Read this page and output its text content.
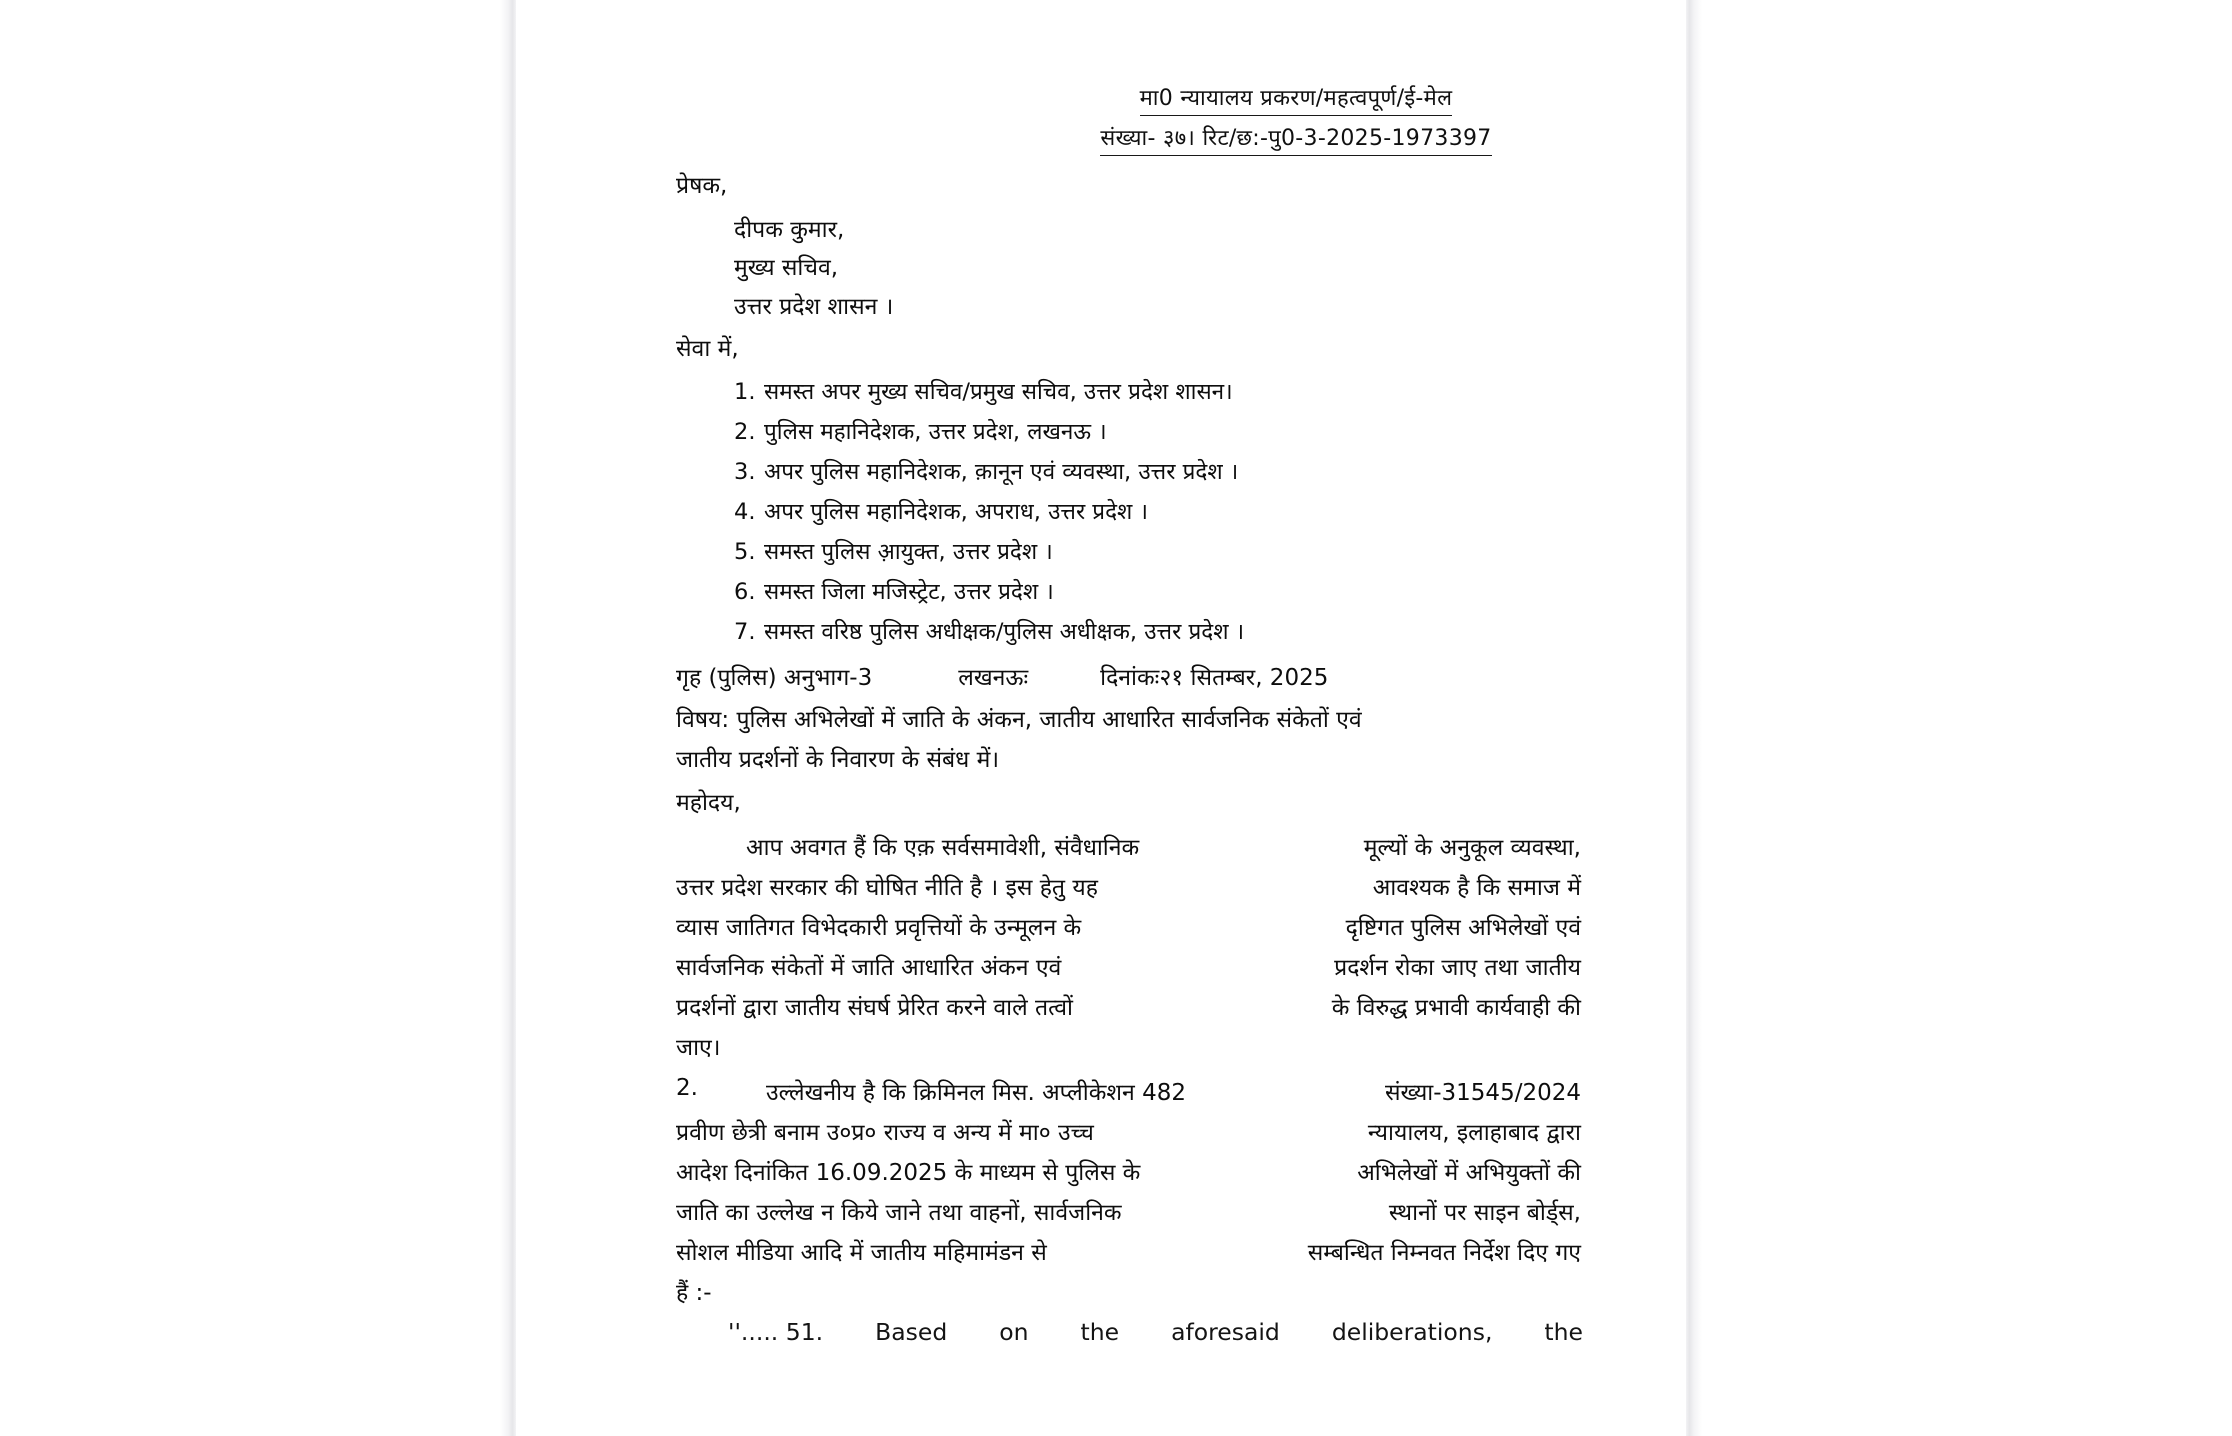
मा0 न्यायालय प्रकरण/महत्वपूर्ण/ई-मेल
संख्या- ३७। रिट/छ:-पु0-3-2025-1973397
प्रेषक,
दीपक कुमार,
मुख्य सचिव,
उत्तर प्रदेश शासन ।
सेवा में,
1. समस्त अपर मुख्य सचिव/प्रमुख सचिव, उत्तर प्रदेश शासन।
2. पुलिस महानिदेशक, उत्तर प्रदेश, लखनऊ ।
3. अपर पुलिस महानिदेशक, क़ानून एवं व्यवस्था, उत्तर प्रदेश ।
4. अपर पुलिस महानिदेशक, अपराध, उत्तर प्रदेश ।
5. समस्त पुलिस आ़युक्त, उत्तर प्रदेश ।
6. समस्त जिला मजिस्ट्रेट, उत्तर प्रदेश ।
7. समस्त वरिष्ठ पुलिस अधीक्षक/पुलिस अधीक्षक, उत्तर प्रदेश ।
गृह (पुलिस) अनुभाग-3	लखनऊः	दिनांकः२१ सितम्बर, 2025
विषय: पुलिस अभिलेखों में जाति के अंकन, जातीय आधारित सार्वजनिक संकेतों एवं
जातीय प्रदर्शनों के निवारण के संबंध में।
महोदय,
आप अवगत हैं कि एक़ सर्वसमावेशी, संवैधानिक	मूल्यों के अनुकूल व्यवस्था,
उत्तर प्रदेश सरकार की घोषित नीति है । इस हेतु यह	आवश्यक है कि समाज में
व्यास जातिगत विभेदकारी प्रवृत्तियों के उन्मूलन के	दृष्टिगत पुलिस अभिलेखों एवं
सार्वजनिक संकेतों में जाति आधारित अंकन एवं	प्रदर्शन रोका जाए तथा जातीय
प्रदर्शनों द्वारा जातीय संघर्ष प्रेरित करने वाले तत्वों	के विरुद्ध प्रभावी कार्यवाही की
जाए।
2.	उल्लेखनीय है कि क्रिमिनल मिस. अप्लीकेशन 482	संख्या-31545/2024
प्रवीण छेत्री बनाम उ०प्र० राज्य व अन्य में मा० उच्च	न्यायालय, इलाहाबाद द्वारा
आदेश दिनांकित 16.09.2025 के माध्यम से पुलिस के	अभिलेखों में अभियुक्तों की
जाति का उल्लेख न किये जाने तथा वाहनों, सार्वजनिक	स्थानों पर साइन बोर्ड्स,
सोशल मीडिया आदि में जातीय महिमामंडन से	सम्बन्धित निम्नवत निर्देश दिए गए
हैं :-
''..... 51. Based on the aforesaid deliberations, the
